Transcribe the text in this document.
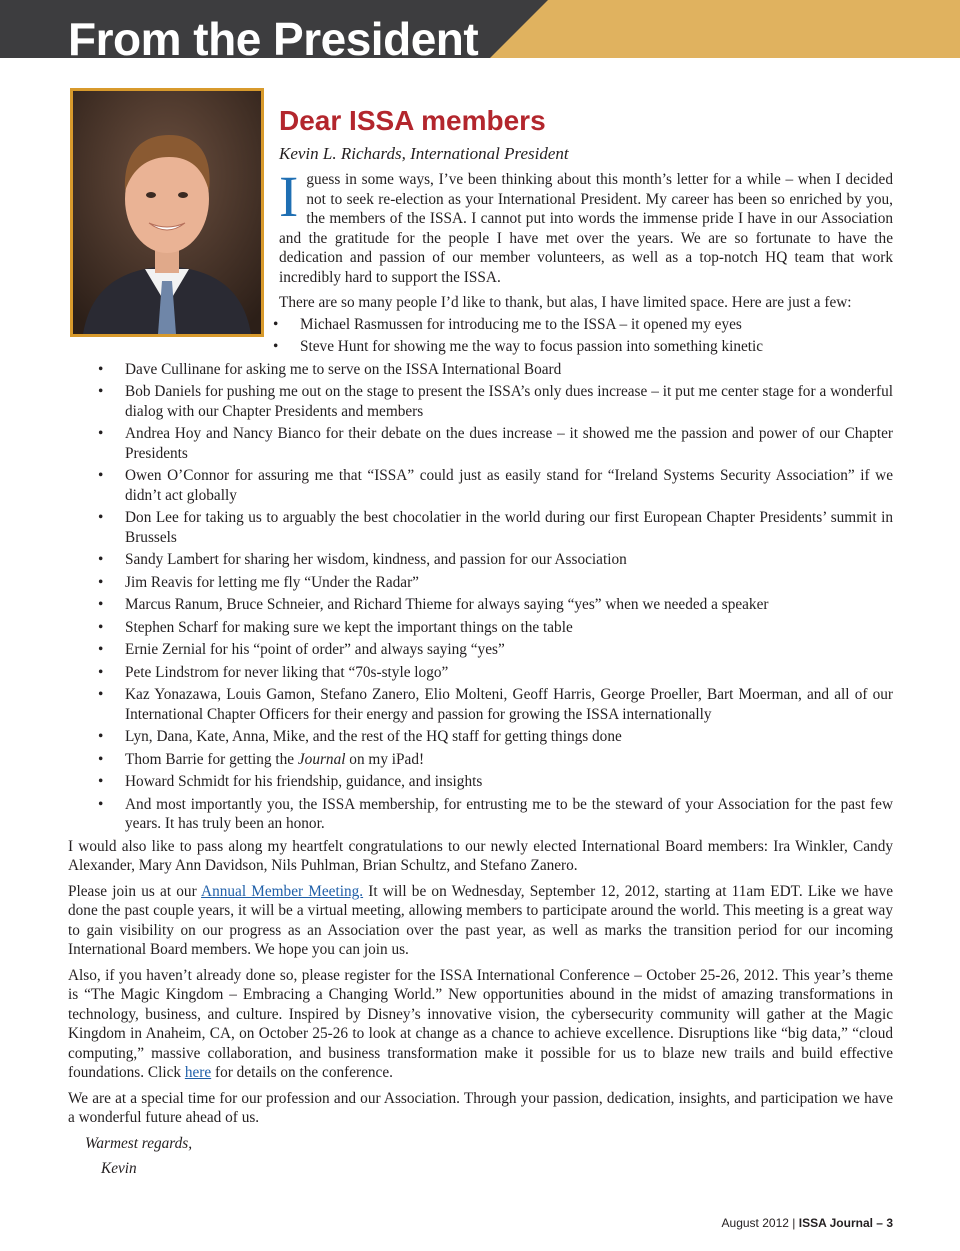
From the President
Dear ISSA members
Kevin L. Richards, International President

Iguess in some ways, I’ve been thinking about this month’s letter for a while – when I decided not to seek re-election as your International President. My career has been so enriched by you, the members of the ISSA. I cannot put into words the immense pride I have in our Association and the gratitude for the people I have met over the years. We are so fortunate to have the dedication and passion of our member volunteers, as well as a top-notch HQ team that work incredibly hard to support the ISSA.

There are so many people I’d like to thank, but alas, I have limited space. Here are just a few:

• Michael Rasmussen for introducing me to the ISSA – it opened my eyes
• Steve Hunt for showing me the way to focus passion into something kinetic
• Dave Cullinane for asking me to serve on the ISSA International Board
• Bob Daniels for pushing me out on the stage to present the ISSA’s only dues increase – it put me center stage for a wonderful dialog with our Chapter Presidents and members
• Andrea Hoy and Nancy Bianco for their debate on the dues increase – it showed me the passion and power of our Chapter Presidents
• Owen O’Connor for assuring me that “ISSA” could just as easily stand for “Ireland Systems Security Association” if we didn’t act globally
• Don Lee for taking us to arguably the best chocolatier in the world during our first European Chapter Presidents’ summit in Brussels
• Sandy Lambert for sharing her wisdom, kindness, and passion for our Association
• Jim Reavis for letting me fly “Under the Radar”
• Marcus Ranum, Bruce Schneier, and Richard Thieme for always saying “yes” when we needed a speaker
• Stephen Scharf for making sure we kept the important things on the table
• Ernie Zernial for his “point of order” and always saying “yes”
• Pete Lindstrom for never liking that “70s-style logo”
• Kaz Yonazawa, Louis Gamon, Stefano Zanero, Elio Molteni, Geoff Harris, George Proeller, Bart Moerman, and all of our International Chapter Officers for their energy and passion for growing the ISSA internationally
• Lyn, Dana, Kate, Anna, Mike, and the rest of the HQ staff for getting things done
• Thom Barrie for getting the Journal on my iPad!
• Howard Schmidt for his friendship, guidance, and insights
• And most importantly you, the ISSA membership, for entrusting me to be the steward of your Association for the past few years. It has truly been an honor.

I would also like to pass along my heartfelt congratulations to our newly elected International Board members: Ira Winkler, Candy Alexander, Mary Ann Davidson, Nils Puhlman, Brian Schultz, and Stefano Zanero.

Please join us at our Annual Member Meeting. It will be on Wednesday, September 12, 2012, starting at 11am EDT. Like we have done the past couple years, it will be a virtual meeting, allowing members to participate around the world. This meeting is a great way to gain visibility on our progress as an Association over the past year, as well as marks the transition period for our incoming International Board members. We hope you can join us.

Also, if you haven’t already done so, please register for the ISSA International Conference – October 25-26, 2012. This year’s theme is “The Magic Kingdom – Embracing a Changing World.” New opportunities abound in the midst of amazing transformations in technology, business, and culture. Inspired by Disney’s innovative vision, the cybersecurity community will gather at the Magic Kingdom in Anaheim, CA, on October 25-26 to look at change as a chance to achieve excellence. Disruptions like “big data,” “cloud computing,” massive collaboration, and business transformation make it possible for us to blaze new trails and build effective foundations. Click here for details on the conference.

We are at a special time for our profession and our Association. Through your passion, dedication, insights, and participation we have a wonderful future ahead of us.

Warmest regards,

Kevin

August 2012 | ISSA Journal – 3
